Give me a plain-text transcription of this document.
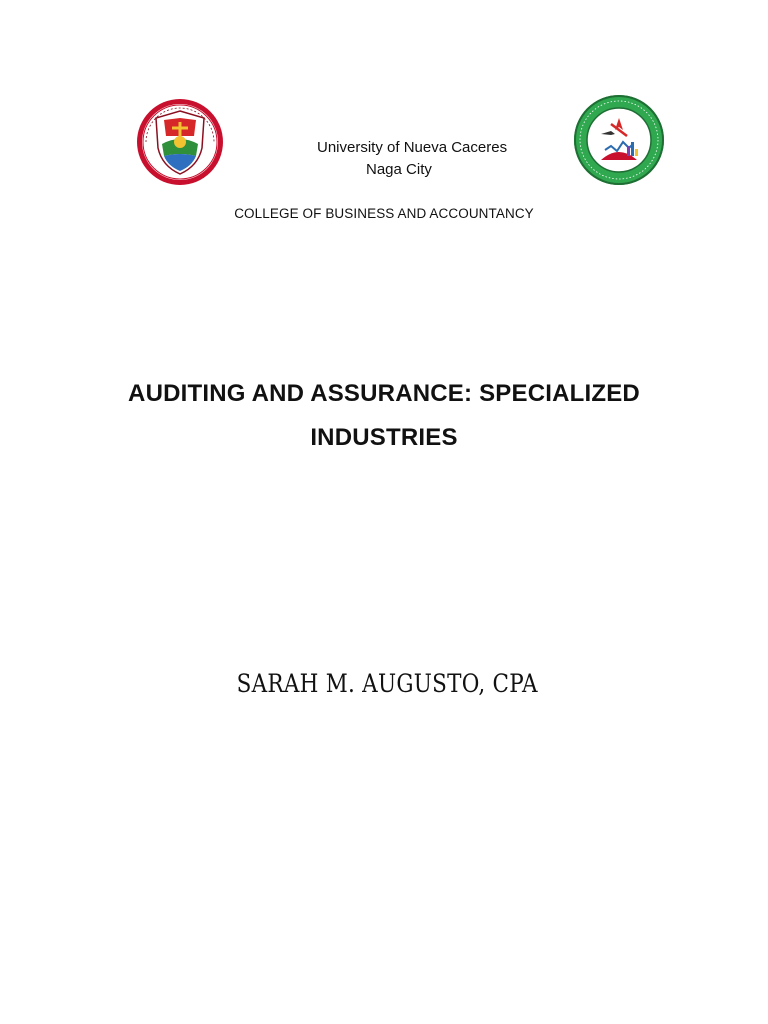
University of Nueva Caceres
Naga City
COLLEGE OF BUSINESS AND ACCOUNTANCY
AUDITING AND ASSURANCE: SPECIALIZED
INDUSTRIES
SARAH M. AUGUSTO, CPA
